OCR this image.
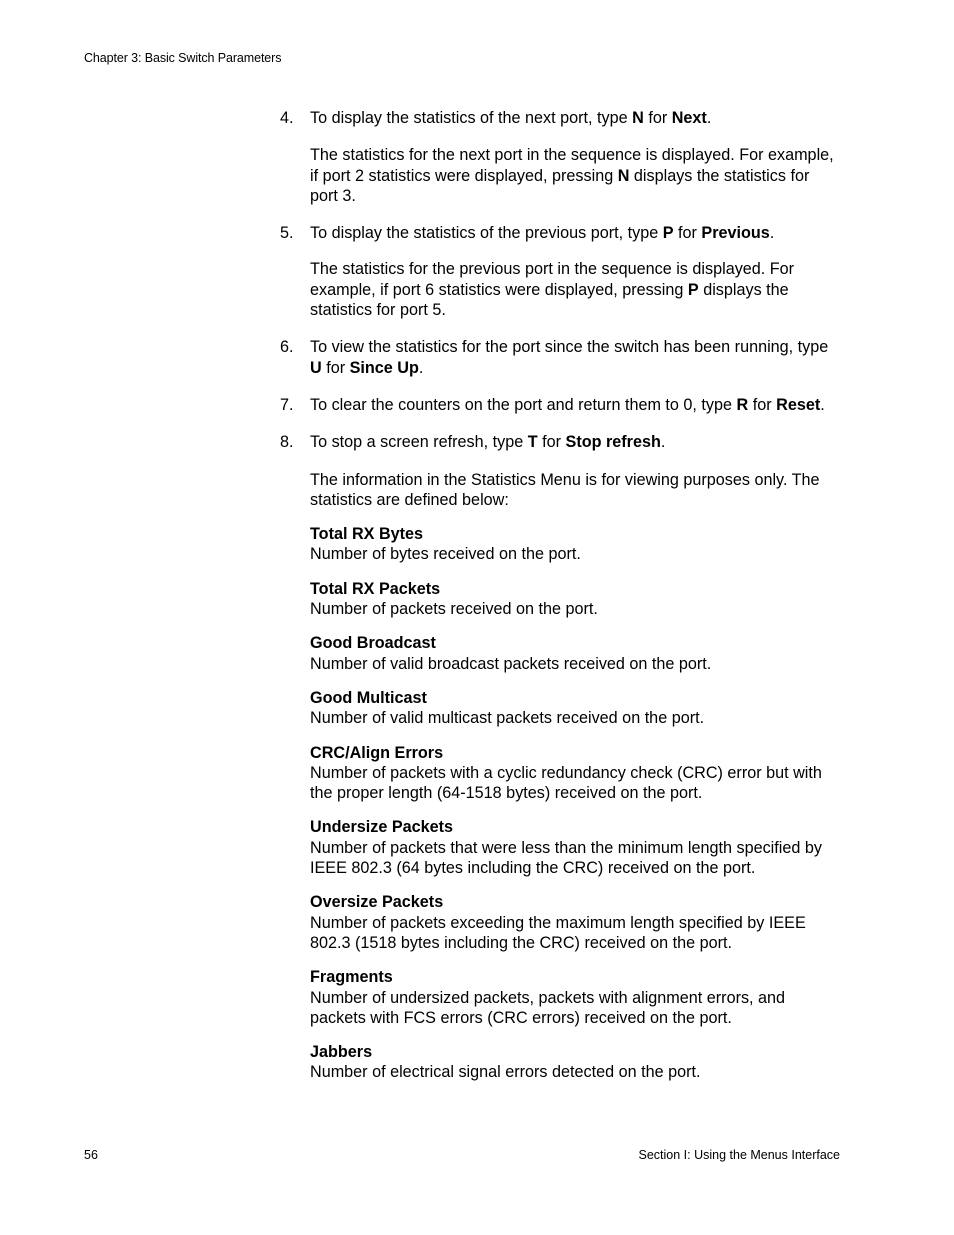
Chapter 3: Basic Switch Parameters
4.	To display the statistics of the next port, type N for Next.
The statistics for the next port in the sequence is displayed. For example, if port 2 statistics were displayed, pressing N displays the statistics for port 3.
5.	To display the statistics of the previous port, type P for Previous.
The statistics for the previous port in the sequence is displayed. For example, if port 6 statistics were displayed, pressing P displays the statistics for port 5.
6.	To view the statistics for the port since the switch has been running, type U for Since Up.
7.	To clear the counters on the port and return them to 0, type R for Reset.
8.	To stop a screen refresh, type T for Stop refresh.
The information in the Statistics Menu is for viewing purposes only. The statistics are defined below:
Total RX Bytes
Number of bytes received on the port.
Total RX Packets
Number of packets received on the port.
Good Broadcast
Number of valid broadcast packets received on the port.
Good Multicast
Number of valid multicast packets received on the port.
CRC/Align Errors
Number of packets with a cyclic redundancy check (CRC) error but with the proper length (64-1518 bytes) received on the port.
Undersize Packets
Number of packets that were less than the minimum length specified by IEEE 802.3 (64 bytes including the CRC) received on the port.
Oversize Packets
Number of packets exceeding the maximum length specified by IEEE 802.3 (1518 bytes including the CRC) received on the port.
Fragments
Number of undersized packets, packets with alignment errors, and packets with FCS errors (CRC errors) received on the port.
Jabbers
Number of electrical signal errors detected on the port.
56	Section I: Using the Menus Interface
